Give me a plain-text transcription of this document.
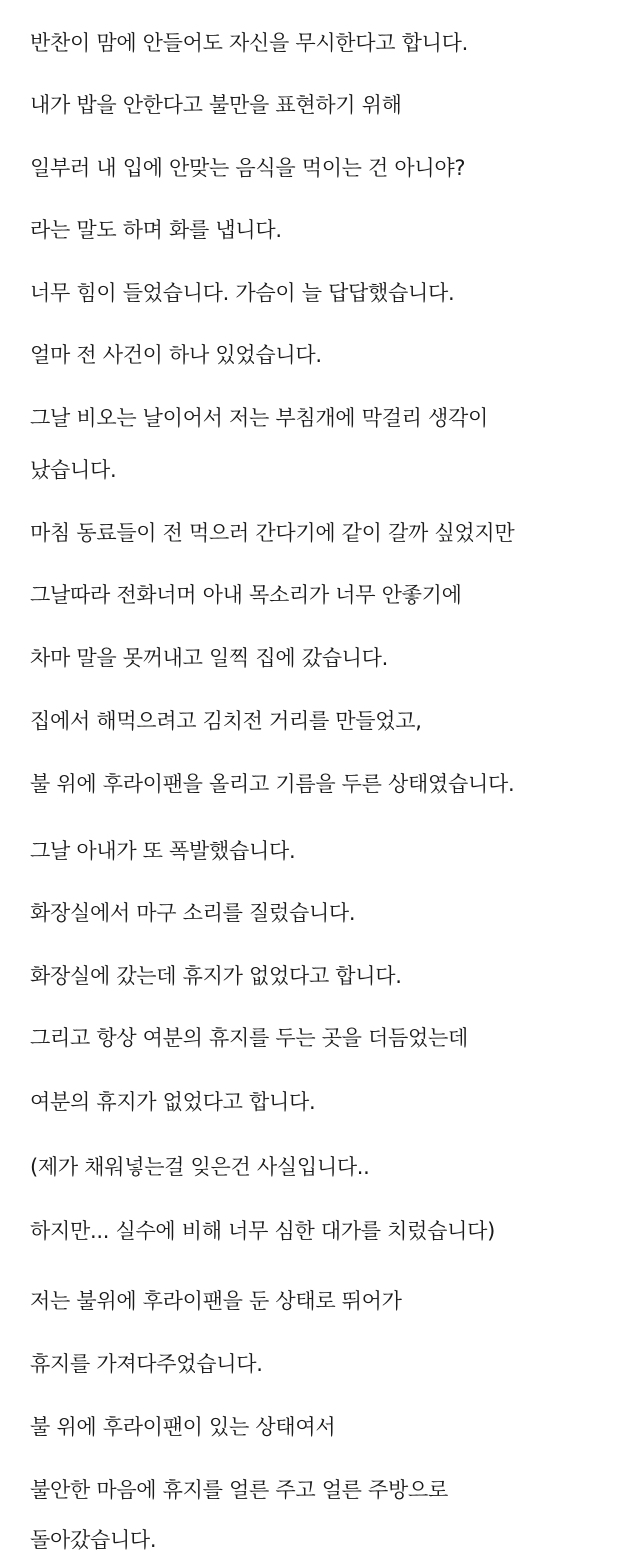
반찬이 맘에 안들어도 자신을 무시한다고 합니다.
내가 밥을 안한다고 불만을 표현하기 위해
일부러 내 입에 안맞는 음식을 먹이는 건 아니야?
라는 말도 하며 화를 냅니다.
너무 힘이 들었습니다. 가슴이 늘 답답했습니다.
얼마 전 사건이 하나 있었습니다.
그날 비오는 날이어서 저는 부침개에 막걸리 생각이
났습니다.
마침 동료들이 전 먹으러 간다기에 같이 갈까 싶었지만
그날따라 전화너머 아내 목소리가 너무 안좋기에
차마 말을 못꺼내고 일찍 집에 갔습니다.
집에서 해먹으려고 김치전 거리를 만들었고,
불 위에 후라이팬을 올리고 기름을 두른 상태였습니다.
그날 아내가 또 폭발했습니다.
화장실에서 마구 소리를 질렀습니다.
화장실에 갔는데 휴지가 없었다고 합니다.
그리고 항상 여분의 휴지를 두는 곳을 더듬었는데
여분의 휴지가 없었다고 합니다.
(제가 채워넣는걸 잊은건 사실입니다..
하지만... 실수에 비해 너무 심한 대가를 치렀습니다)
저는 불위에 후라이팬을 둔 상태로 뛰어가
휴지를 가져다주었습니다.
불 위에 후라이팬이 있는 상태여서
불안한 마음에 휴지를 얼른 주고 얼른 주방으로
돌아갔습니다.
